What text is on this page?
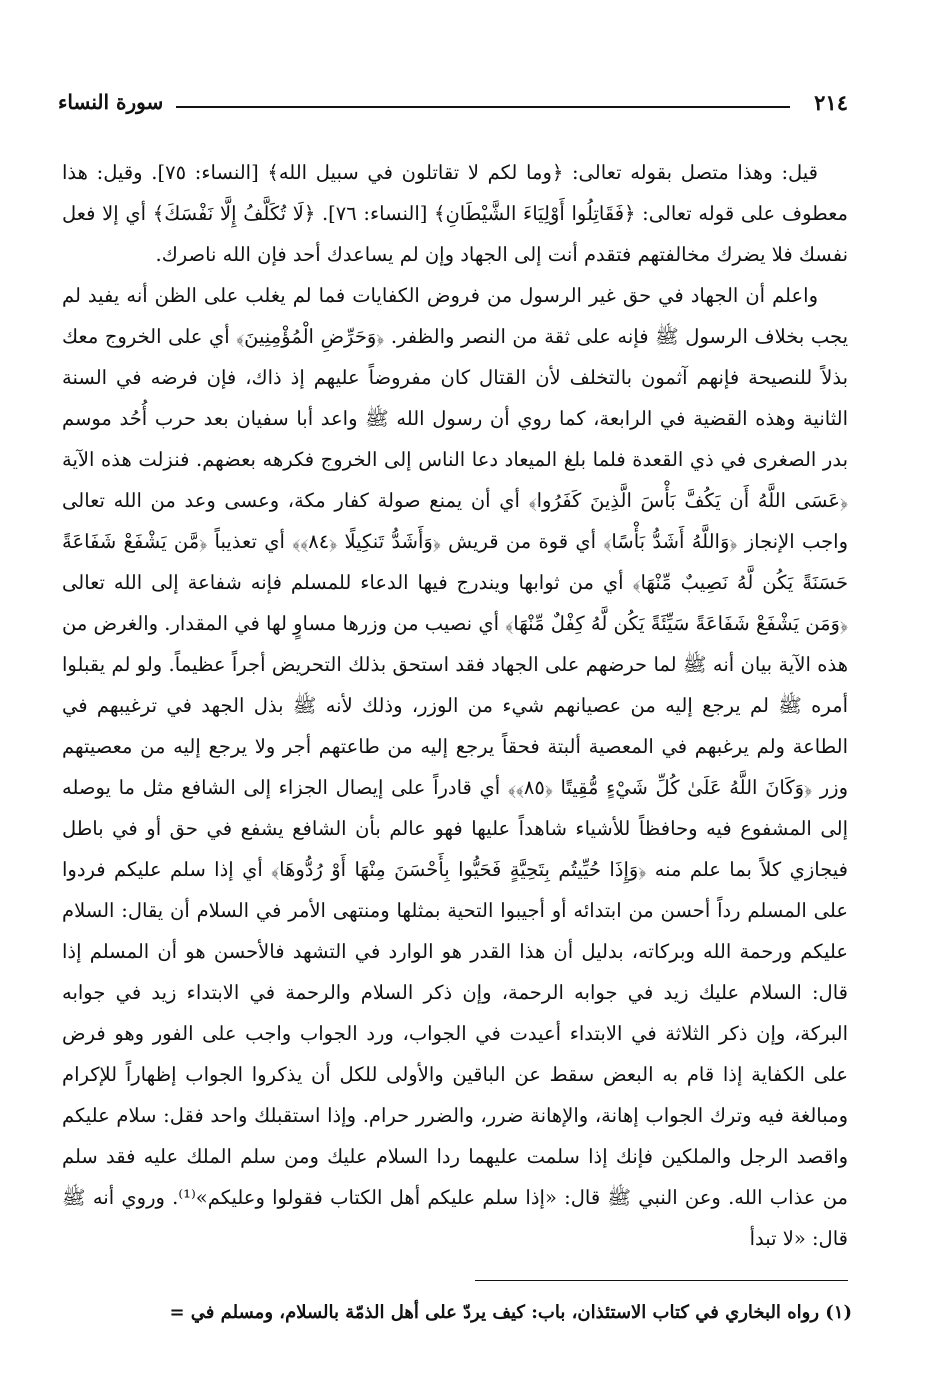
٢١٤
سورة النساء

قيل: وهذا متصل بقوله تعالى: ﴿وما لكم لا تقاتلون في سبيل الله﴾ [النساء: ٧٥]. وقيل: هذا معطوف على قوله تعالى: ﴿فَقَاتِلُوا أَوْلِيَاءَ الشَّيْطَانِ﴾ [النساء: ٧٦]. ﴿لَا تُكَلَّفُ إِلَّا نَفْسَكَ﴾ أي إلا فعل نفسك فلا يضرك مخالفتهم فتقدم أنت إلى الجهاد وإن لم يساعدك أحد فإن الله ناصرك.

واعلم أن الجهاد في حق غير الرسول من فروض الكفايات فما لم يغلب على الظن أنه يفيد لم يجب بخلاف الرسول ﷺ فإنه على ثقة من النصر والظفر. ﴿وَحَرِّضِ الْمُؤْمِنِينَ﴾ أي على الخروج معك بذلاً للنصيحة فإنهم آثمون بالتخلف لأن القتال كان مفروضاً عليهم إذ ذاك، فإن فرضه في السنة الثانية وهذه القضية في الرابعة، كما روي أن رسول الله ﷺ واعد أبا سفيان بعد حرب أُحُد موسم بدر الصغرى في ذي القعدة فلما بلغ الميعاد دعا الناس إلى الخروج فكرهه بعضهم. فنزلت هذه الآية ﴿عَسَى اللَّهُ أَن يَكُفَّ بَأْسَ الَّذِينَ كَفَرُوا﴾ أي أن يمنع صولة كفار مكة، وعسى وعد من الله تعالى واجب الإنجاز ﴿وَاللَّهُ أَشَدُّ بَأْسًا﴾ أي قوة من قريش ﴿وَأَشَدُّ تَنكِيلًا ﴿٨٤﴾﴾ أي تعذيباً ﴿مَّن يَشْفَعْ شَفَاعَةً حَسَنَةً يَكُن لَّهُ نَصِيبٌ مِّنْهَا﴾ أي من ثوابها ويندرج فيها الدعاء للمسلم فإنه شفاعة إلى الله تعالى ﴿وَمَن يَشْفَعْ شَفَاعَةً سَيِّئَةً يَكُن لَّهُ كِفْلٌ مِّنْهَا﴾ أي نصيب من وزرها مساوٍ لها في المقدار. والغرض من هذه الآية بيان أنه ﷺ لما حرضهم على الجهاد فقد استحق بذلك التحريض أجراً عظيماً. ولو لم يقبلوا أمره ﷺ لم يرجع إليه من عصيانهم شيء من الوزر، وذلك لأنه ﷺ بذل الجهد في ترغيبهم في الطاعة ولم يرغبهم في المعصية ألبتة فحقاً يرجع إليه من طاعتهم أجر ولا يرجع إليه من معصيتهم وزر ﴿وَكَانَ اللَّهُ عَلَىٰ كُلِّ شَيْءٍ مُّقِيتًا ﴿٨٥﴾﴾ أي قادراً على إيصال الجزاء إلى الشافع مثل ما يوصله إلى المشفوع فيه وحافظاً للأشياء شاهداً عليها فهو عالم بأن الشافع يشفع في حق أو في باطل فيجازي كلاً بما علم منه ﴿وَإِذَا حُيِّيتُم بِتَحِيَّةٍ فَحَيُّوا بِأَحْسَنَ مِنْهَا أَوْ رُدُّوهَا﴾ أي إذا سلم عليكم فردوا على المسلم رداً أحسن من ابتدائه أو أجيبوا التحية بمثلها ومنتهى الأمر في السلام أن يقال: السلام عليكم ورحمة الله وبركاته، بدليل أن هذا القدر هو الوارد في التشهد فالأحسن هو أن المسلم إذا قال: السلام عليك زيد في جوابه الرحمة، وإن ذكر السلام والرحمة في الابتداء زيد في جوابه البركة، وإن ذكر الثلاثة في الابتداء أعيدت في الجواب، ورد الجواب واجب على الفور وهو فرض على الكفاية إذا قام به البعض سقط عن الباقين والأولى للكل أن يذكروا الجواب إظهاراً للإكرام ومبالغة فيه وترك الجواب إهانة، والإهانة ضرر، والضرر حرام. وإذا استقبلك واحد فقل: سلام عليكم واقصد الرجل والملكين فإنك إذا سلمت عليهما ردا السلام عليك ومن سلم الملك عليه فقد سلم من عذاب الله. وعن النبي ﷺ قال: «إذا سلم عليكم أهل الكتاب فقولوا وعليكم»⁽¹⁾. وروي أنه ﷺ قال: «لا تبدأ

(١) رواه البخاري في كتاب الاستئذان، باب: كيف يردّ على أهل الذمّة بالسلام، ومسلم في =
